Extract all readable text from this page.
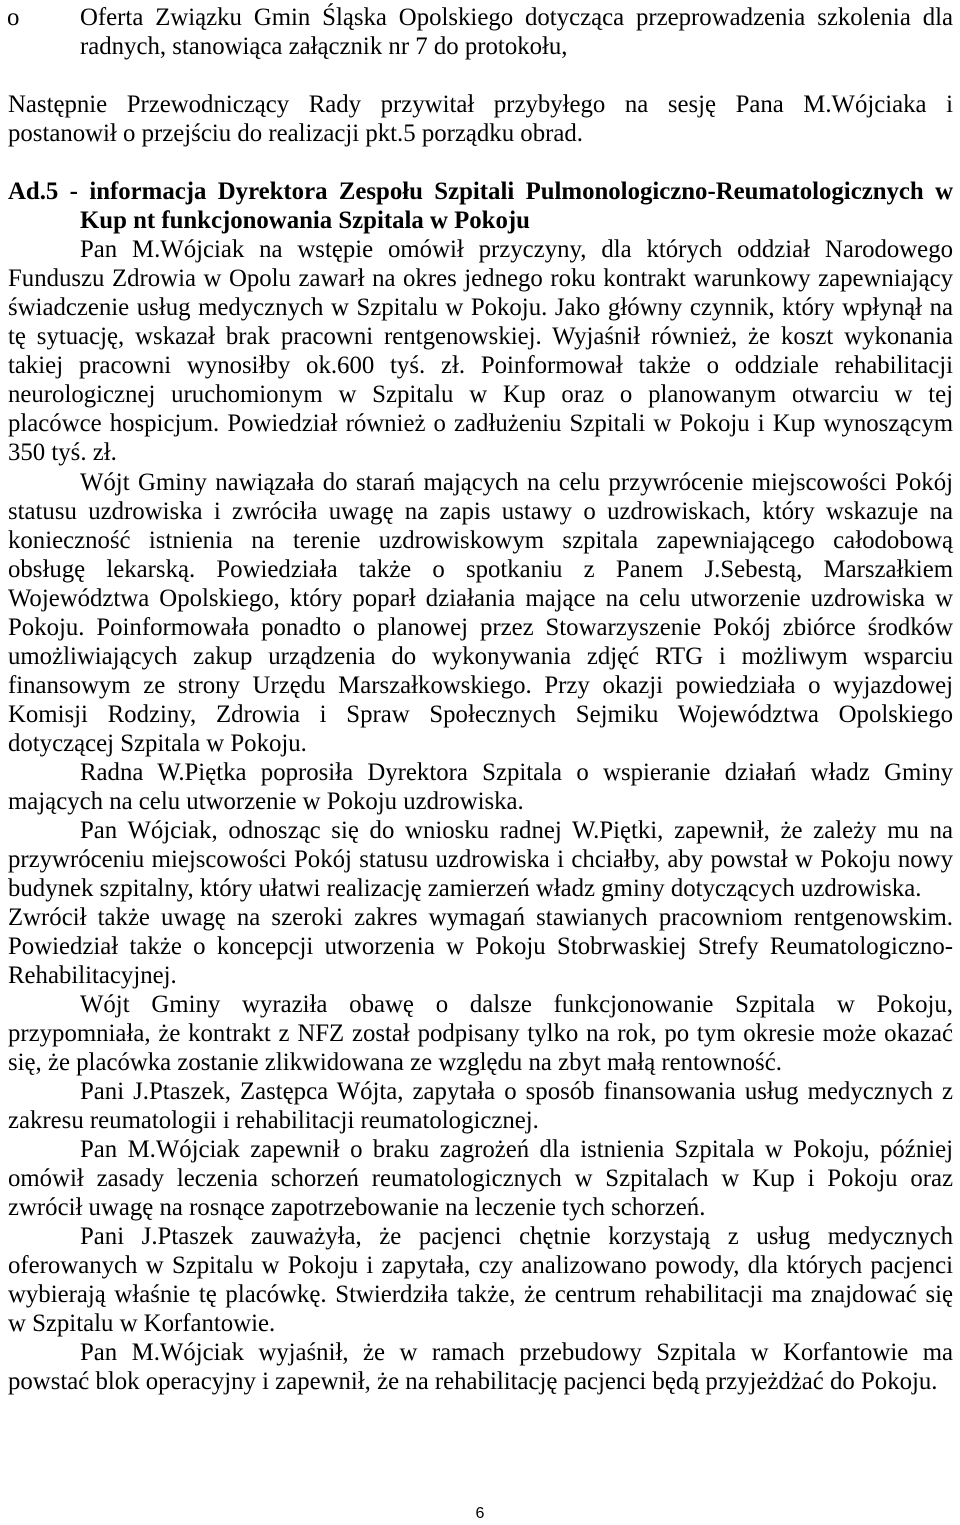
o	Oferta Związku Gmin Śląska Opolskiego dotycząca przeprowadzenia szkolenia dla
radnych, stanowiąca załącznik nr 7 do protokołu,
Następnie Przewodniczący Rady przywitał przybyłego na sesję Pana M.Wójciaka i
postanowił o przejściu do realizacji pkt.5 porządku obrad.
Ad.5 - informacja Dyrektora Zespołu Szpitali Pulmonologiczno-Reumatologicznych w
Kup nt funkcjonowania Szpitala w Pokoju
Pan M.Wójciak na wstępie omówił przyczyny, dla których oddział Narodowego
Funduszu Zdrowia w Opolu zawarł na okres jednego roku kontrakt warunkowy zapewniający
świadczenie usług medycznych w Szpitalu w Pokoju. Jako główny czynnik, który wpłynął na
tę sytuację, wskazał brak pracowni rentgenowskiej. Wyjaśnił również, że koszt wykonania
takiej pracowni wynosiłby ok.600 tyś. zł. Poinformował także o oddziale rehabilitacji
neurologicznej uruchomionym w Szpitalu w Kup oraz o planowanym otwarciu w tej
placówce hospicjum. Powiedział również o zadłużeniu Szpitali w Pokoju i Kup wynoszącym
350 tyś. zł.
Wójt Gminy nawiązała do starań mających na celu przywrócenie miejscowości Pokój
statusu uzdrowiska i zwróciła uwagę na zapis ustawy o uzdrowiskach, który wskazuje na
konieczność istnienia na terenie uzdrowiskowym szpitala zapewniającego całodobową
obsługę lekarską. Powiedziała także o spotkaniu z Panem J.Sebestą, Marszałkiem
Województwa Opolskiego, który poparł działania mające na celu utworzenie uzdrowiska w
Pokoju. Poinformowała ponadto o planowej przez Stowarzyszenie Pokój zbiórce środków
umożliwiających zakup urządzenia do wykonywania zdjęć RTG i możliwym wsparciu
finansowym ze strony Urzędu Marszałkowskiego. Przy okazji powiedziała o wyjazdowej
Komisji Rodziny, Zdrowia i Spraw Społecznych Sejmiku Województwa Opolskiego
dotyczącej Szpitala w Pokoju.
Radna W.Piętka poprosiła Dyrektora Szpitala o wspieranie działań władz Gminy
mających na celu utworzenie w Pokoju uzdrowiska.
Pan Wójciak, odnosząc się do wniosku radnej W.Piętki, zapewnił, że zależy mu na
przywróceniu miejscowości Pokój statusu uzdrowiska i chciałby, aby powstał w Pokoju nowy
budynek szpitalny, który ułatwi realizację zamierzeń władz gminy dotyczących uzdrowiska.
Zwrócił także uwagę na szeroki zakres wymagań stawianych pracowniom rentgenowskim.
Powiedział także o koncepcji utworzenia w Pokoju Stobrwaskiej Strefy Reumatologiczno-
Rehabilitacyjnej.
Wójt Gminy wyraziła obawę o dalsze funkcjonowanie Szpitala w Pokoju,
przypomniała, że kontrakt z NFZ został podpisany tylko na rok, po tym okresie może okazać
się, że placówka zostanie zlikwidowana ze względu na zbyt małą rentowność.
Pani J.Ptaszek, Zastępca Wójta, zapytała o sposób finansowania usług medycznych z
zakresu reumatologii i rehabilitacji reumatologicznej.
Pan M.Wójciak zapewnił o braku zagrożeń dla istnienia Szpitala w Pokoju, później
omówił zasady leczenia schorzeń reumatologicznych w Szpitalach w Kup i Pokoju oraz
zwrócił uwagę na rosnące zapotrzebowanie na leczenie tych schorzeń.
Pani J.Ptaszek zauważyła, że pacjenci chętnie korzystają z usług medycznych
oferowanych w Szpitalu w Pokoju i zapytała, czy analizowano powody, dla których pacjenci
wybierają właśnie tę placówkę. Stwierdziła także, że centrum rehabilitacji ma znajdować się
w Szpitalu w Korfantowie.
Pan M.Wójciak wyjaśnił, że w ramach przebudowy Szpitala w Korfantowie ma
powstać blok operacyjny i zapewnił, że na rehabilitację pacjenci będą przyjeżdżać do Pokoju.
6
